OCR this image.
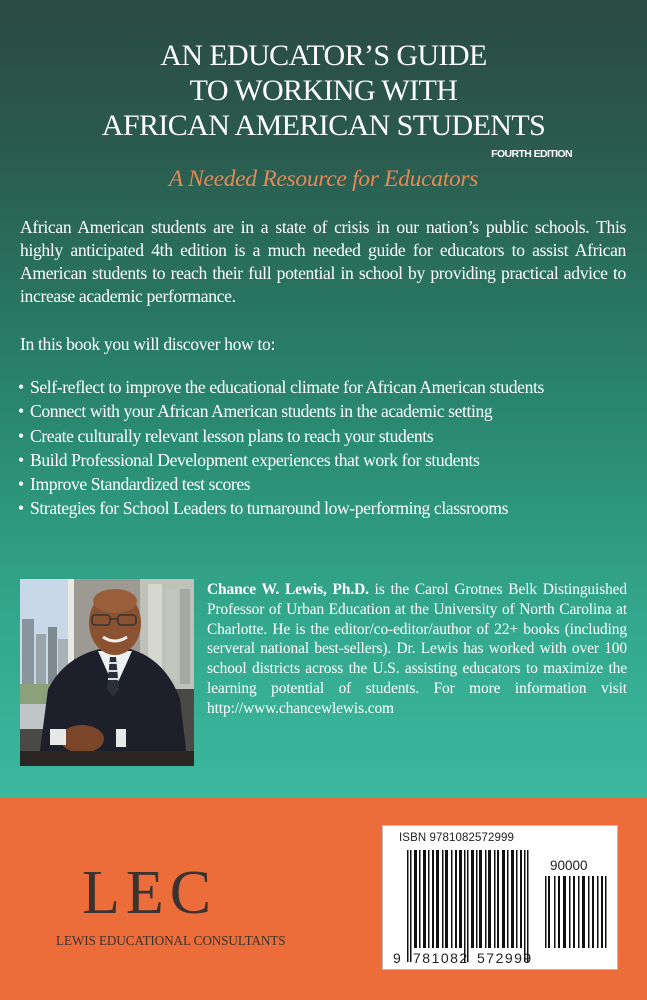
AN EDUCATOR’S GUIDE
TO WORKING WITH
AFRICAN AMERICAN STUDENTS
FOURTH EDITION
A Needed Resource for Educators
African American students are in a state of crisis in our nation’s public schools. This highly anticipated 4th edition is a much needed guide for educators to assist African American students to reach their full potential in school by providing practical advice to increase academic performance.
In this book you will discover how to:
• Self-reflect to improve the educational climate for African American students
• Connect with your African American students in the academic setting
• Create culturally relevant lesson plans to reach your students
• Build Professional Development experiences that work for students
• Improve Standardized test scores
• Strategies for School Leaders to turnaround low-performing classrooms
Chance W. Lewis, Ph.D. is the Carol Grotnes Belk Distinguished Professor of Urban Education at the University of North Carolina at Charlotte. He is the editor/co-editor/author of 22+ books (including serveral national best-sellers). Dr. Lewis has worked with over 100 school districts across the U.S. assisting educators to maximize the learning potential of students. For more information visit http://www.chancewlewis.com
LEC
LEWIS EDUCATIONAL CONSULTANTS
ISBN 9781082572999
90000
9 781082 572999
